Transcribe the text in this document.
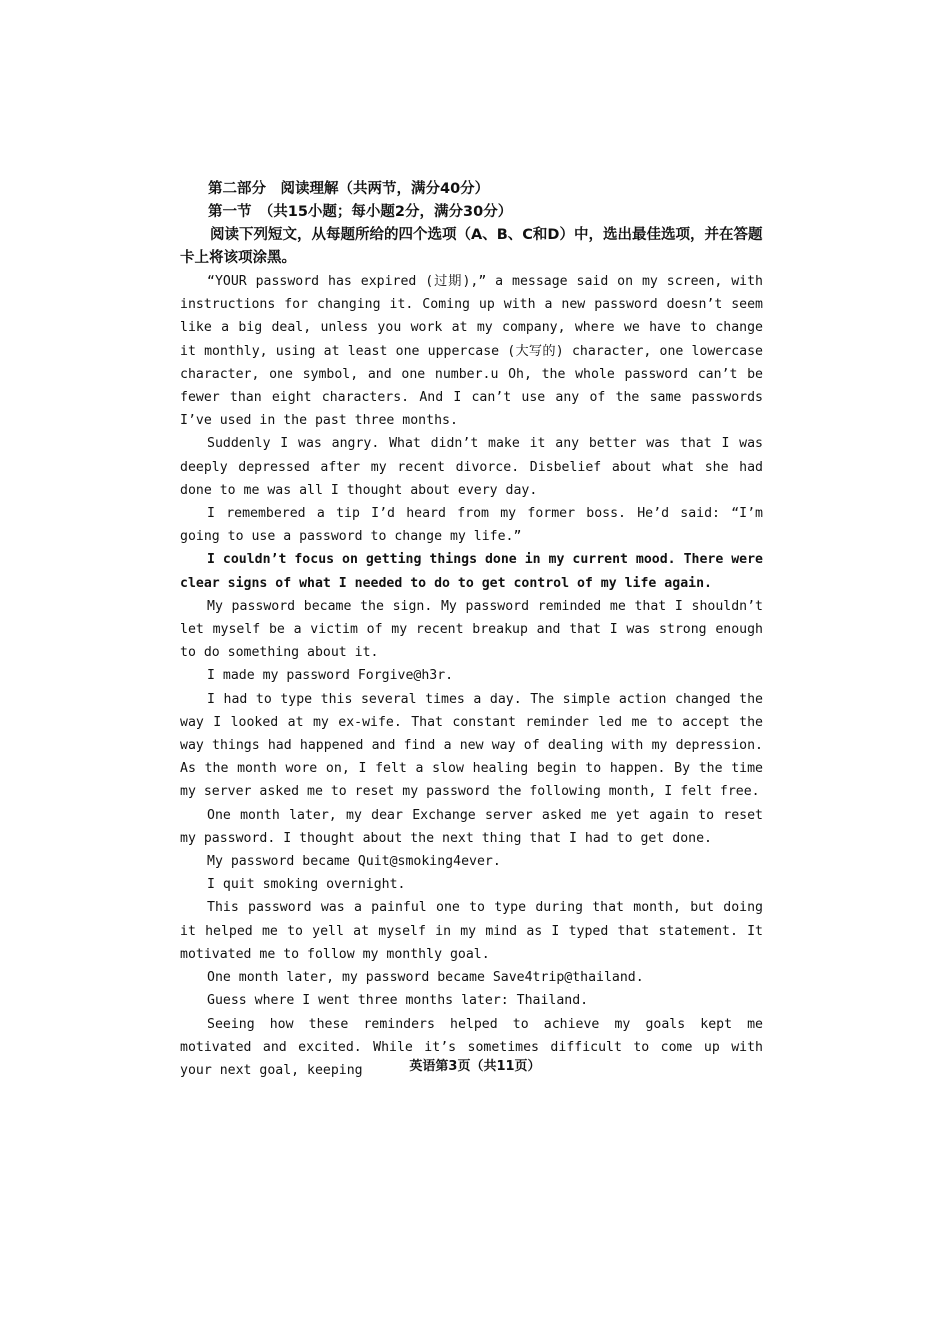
第二部分　阅读理解（共两节，满分40分）

第一节　（共15小题；每小题2分，满分30分）

阅读下列短文，从每题所给的四个选项（A、B、C和D）中，选出最佳选项，并在答题卡上将该项涂黑。

“YOUR password has expired (过期),” a message said on my screen, with instructions for changing it. Coming up with a new password doesn’t seem like a big deal, unless you work at my company, where we have to change it monthly, using at least one uppercase (大写的) character, one lowercase character, one symbol, and one number.u Oh, the whole password can’t be fewer than eight characters. And I can’t use any of the same passwords I’ve used in the past three months.

Suddenly I was angry. What didn’t make it any better was that I was deeply depressed after my recent divorce. Disbelief about what she had done to me was all I thought about every day.

I remembered a tip I’d heard from my former boss. He’d said: “I’m going to use a password to change my life.”

I couldn’t focus on getting things done in my current mood. There were clear signs of what I needed to do to get control of my life again.

My password became the sign. My password reminded me that I shouldn’t let myself be a victim of my recent breakup and that I was strong enough to do something about it.

I made my password Forgive@h3r.

I had to type this several times a day. The simple action changed the way I looked at my ex-wife. That constant reminder led me to accept the way things had happened and find a new way of dealing with my depression. As the month wore on, I felt a slow healing begin to happen. By the time my server asked me to reset my password the following month, I felt free.

One month later, my dear Exchange server asked me yet again to reset my password. I thought about the next thing that I had to get done.

My password became Quit@smoking4ever.

I quit smoking overnight.

This password was a painful one to type during that month, but doing it helped me to yell at myself in my mind as I typed that statement. It motivated me to follow my monthly goal.

One month later, my password became Save4trip@thailand.

Guess where I went three months later: Thailand.

Seeing how these reminders helped to achieve my goals kept me motivated and excited. While it’s sometimes difficult to come up with your next goal, keeping	英语第3页（共11页）
